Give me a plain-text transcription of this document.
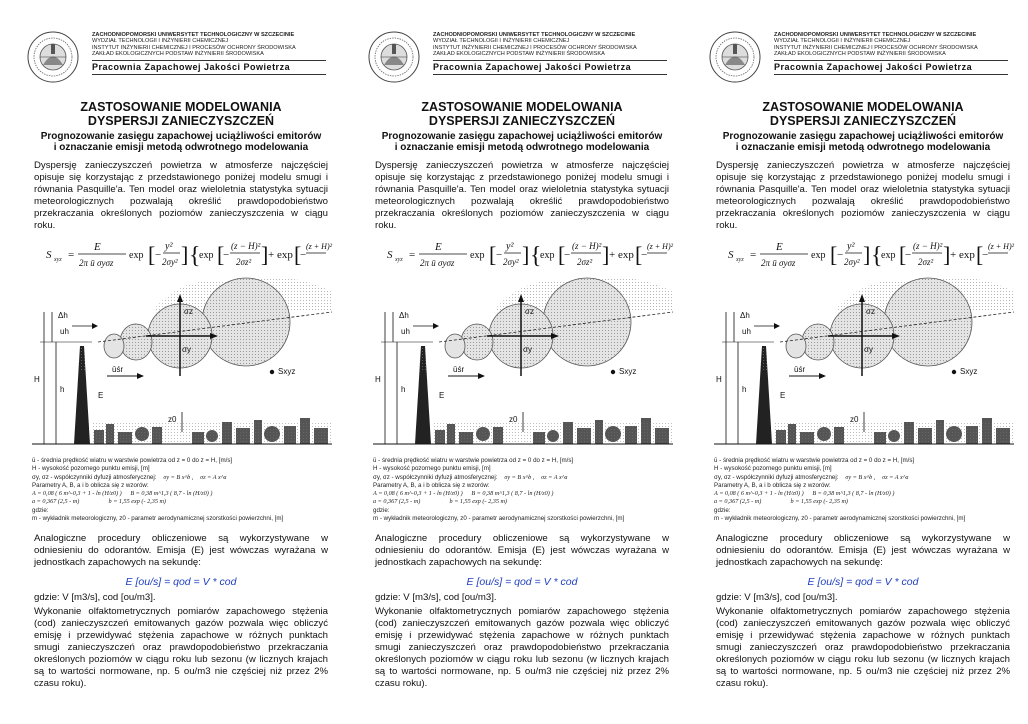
ZACHODNIOPOMORSKI UNIWERSYTET TECHNOLOGICZNY W SZCZECINIE
WYDZIAŁ TECHNOLOGII I INŻYNIERII CHEMICZNEJ
INSTYTUT INŻYNIERII CHEMICZNEJ I PROCESÓW OCHRONY ŚRODOWISKA
ZAKŁAD EKOLOGICZNYCH PODSTAW INŻYNIERII ŚRODOWISKA
Pracownia Zapachowej Jakości Powietrza
ZASTOSOWANIE MODELOWANIA
DYSPERSJI ZANIECZYSZCZEŃ
Prognozowanie zasięgu zapachowej uciążliwości emitorów
i oznaczanie emisji metodą odwrotnego modelowania
Dyspersję zanieczyszczeń powietrza w atmosferze najczęściej opisuje się korzystając z przedstawionego poniżej modelu smugi i równania Pasquille'a. Ten model oraz wieloletnia statystyka sytuacji meteorologicznych pozwalają określić prawdopodobieństwo przekraczania określonych poziomów zanieczyszczenia w ciągu roku.
S xyz =
E
2π ū σyσz
exp [ −
y²
2σy² ] {
exp [
−
(z − H)²
2σz² ] + exp [
−
(z + H)²
Δh
uh
H
h
E
ūśr
σz
σy
Sxyz
z0
ū - średnia prędkość wiatru w warstwie powietrza od z = 0 do z = H, [m/s]
H - wysokość pozornego punktu emisji, [m]
σy, σz - współczynniki dyfuzji atmosferycznej: σy = B x^b , σz = A x^a
Parametry A, B, a i b oblicza się z wzorów:
A = 0,08 ( 6 m^-0,3 + 1 - ln (H/z0) ) B = 0,38 m^1,3 ( 8,7 - ln (H/z0) )
a = 0,367 (2,5 - m)	b = 1,55 exp (- 2,35 m)
gdzie:
m - wykładnik meteorologiczny, z0 - parametr aerodynamicznej szorstkości powierzchni, [m]
Analogiczne procedury obliczeniowe są wykorzystywane w odniesieniu do odorantów. Emisja (E) jest wówczas wyrażana w jednostkach zapachowych na sekundę:
E [ou/s] = qod = V * cod
gdzie: V [m3/s], cod [ou/m3].
Wykonanie olfaktometrycznych pomiarów zapachowego stężenia (cod) zanieczyszczeń emitowanych gazów pozwala więc obliczyć emisję i przewidywać stężenia zapachowe w różnych punktach smugi zanieczyszczeń oraz prawdopodobieństwo przekraczania określonych poziomów w ciągu roku lub sezonu (w licznych krajach są to wartości normowane, np. 5 ou/m3 nie częściej niż przez 2% czasu roku).
ZACHODNIOPOMORSKI UNIWERSYTET TECHNOLOGICZNY W SZCZECINIE
WYDZIAŁ TECHNOLOGII I INŻYNIERII CHEMICZNEJ
INSTYTUT INŻYNIERII CHEMICZNEJ I PROCESÓW OCHRONY ŚRODOWISKA
ZAKŁAD EKOLOGICZNYCH PODSTAW INŻYNIERII ŚRODOWISKA
Pracownia Zapachowej Jakości Powietrza
ZASTOSOWANIE MODELOWANIA
DYSPERSJI ZANIECZYSZCZEŃ
Prognozowanie zasięgu zapachowej uciążliwości emitorów
i oznaczanie emisji metodą odwrotnego modelowania
Dyspersję zanieczyszczeń powietrza w atmosferze najczęściej opisuje się korzystając z przedstawionego poniżej modelu smugi i równania Pasquille'a. Ten model oraz wieloletnia statystyka sytuacji meteorologicznych pozwalają określić prawdopodobieństwo przekraczania określonych poziomów zanieczyszczenia w ciągu roku.
S xyz =
E
2π ū σyσz
exp [ −
y²
2σy² ] {
exp [
−
(z − H)²
2σz² ] + exp [
−
(z + H)²
Δh
uh
H
h
E
ūśr
σz
σy
Sxyz
z0
ū - średnia prędkość wiatru w warstwie powietrza od z = 0 do z = H, [m/s]
H - wysokość pozornego punktu emisji, [m]
σy, σz - współczynniki dyfuzji atmosferycznej: σy = B x^b , σz = A x^a
Parametry A, B, a i b oblicza się z wzorów:
A = 0,08 ( 6 m^-0,3 + 1 - ln (H/z0) ) B = 0,38 m^1,3 ( 8,7 - ln (H/z0) )
a = 0,367 (2,5 - m)	b = 1,55 exp (- 2,35 m)
gdzie:
m - wykładnik meteorologiczny, z0 - parametr aerodynamicznej szorstkości powierzchni, [m]
Analogiczne procedury obliczeniowe są wykorzystywane w odniesieniu do odorantów. Emisja (E) jest wówczas wyrażana w jednostkach zapachowych na sekundę:
E [ou/s] = qod = V * cod
gdzie: V [m3/s], cod [ou/m3].
Wykonanie olfaktometrycznych pomiarów zapachowego stężenia (cod) zanieczyszczeń emitowanych gazów pozwala więc obliczyć emisję i przewidywać stężenia zapachowe w różnych punktach smugi zanieczyszczeń oraz prawdopodobieństwo przekraczania określonych poziomów w ciągu roku lub sezonu (w licznych krajach są to wartości normowane, np. 5 ou/m3 nie częściej niż przez 2% czasu roku).
ZACHODNIOPOMORSKI UNIWERSYTET TECHNOLOGICZNY W SZCZECINIE
WYDZIAŁ TECHNOLOGII I INŻYNIERII CHEMICZNEJ
INSTYTUT INŻYNIERII CHEMICZNEJ I PROCESÓW OCHRONY ŚRODOWISKA
ZAKŁAD EKOLOGICZNYCH PODSTAW INŻYNIERII ŚRODOWISKA
Pracownia Zapachowej Jakości Powietrza
ZASTOSOWANIE MODELOWANIA
DYSPERSJI ZANIECZYSZCZEŃ
Prognozowanie zasięgu zapachowej uciążliwości emitorów
i oznaczanie emisji metodą odwrotnego modelowania
Dyspersję zanieczyszczeń powietrza w atmosferze najczęściej opisuje się korzystając z przedstawionego poniżej modelu smugi i równania Pasquille'a. Ten model oraz wieloletnia statystyka sytuacji meteorologicznych pozwalają określić prawdopodobieństwo przekraczania określonych poziomów zanieczyszczenia w ciągu roku.
S xyz =
E
2π ū σyσz
exp [ −
y²
2σy² ] {
exp [
−
(z − H)²
2σz² ] + exp [
−
(z + H)²
Δh
uh
H
h
E
ūśr
σz
σy
Sxyz
z0
ū - średnia prędkość wiatru w warstwie powietrza od z = 0 do z = H, [m/s]
H - wysokość pozornego punktu emisji, [m]
σy, σz - współczynniki dyfuzji atmosferycznej: σy = B x^b , σz = A x^a
Parametry A, B, a i b oblicza się z wzorów:
A = 0,08 ( 6 m^-0,3 + 1 - ln (H/z0) ) B = 0,38 m^1,3 ( 8,7 - ln (H/z0) )
a = 0,367 (2,5 - m)	b = 1,55 exp (- 2,35 m)
gdzie:
m - wykładnik meteorologiczny, z0 - parametr aerodynamicznej szorstkości powierzchni, [m]
Analogiczne procedury obliczeniowe są wykorzystywane w odniesieniu do odorantów. Emisja (E) jest wówczas wyrażana w jednostkach zapachowych na sekundę:
E [ou/s] = qod = V * cod
gdzie: V [m3/s], cod [ou/m3].
Wykonanie olfaktometrycznych pomiarów zapachowego stężenia (cod) zanieczyszczeń emitowanych gazów pozwala więc obliczyć emisję i przewidywać stężenia zapachowe w różnych punktach smugi zanieczyszczeń oraz prawdopodobieństwo przekraczania określonych poziomów w ciągu roku lub sezonu (w licznych krajach są to wartości normowane, np. 5 ou/m3 nie częściej niż przez 2% czasu roku).
